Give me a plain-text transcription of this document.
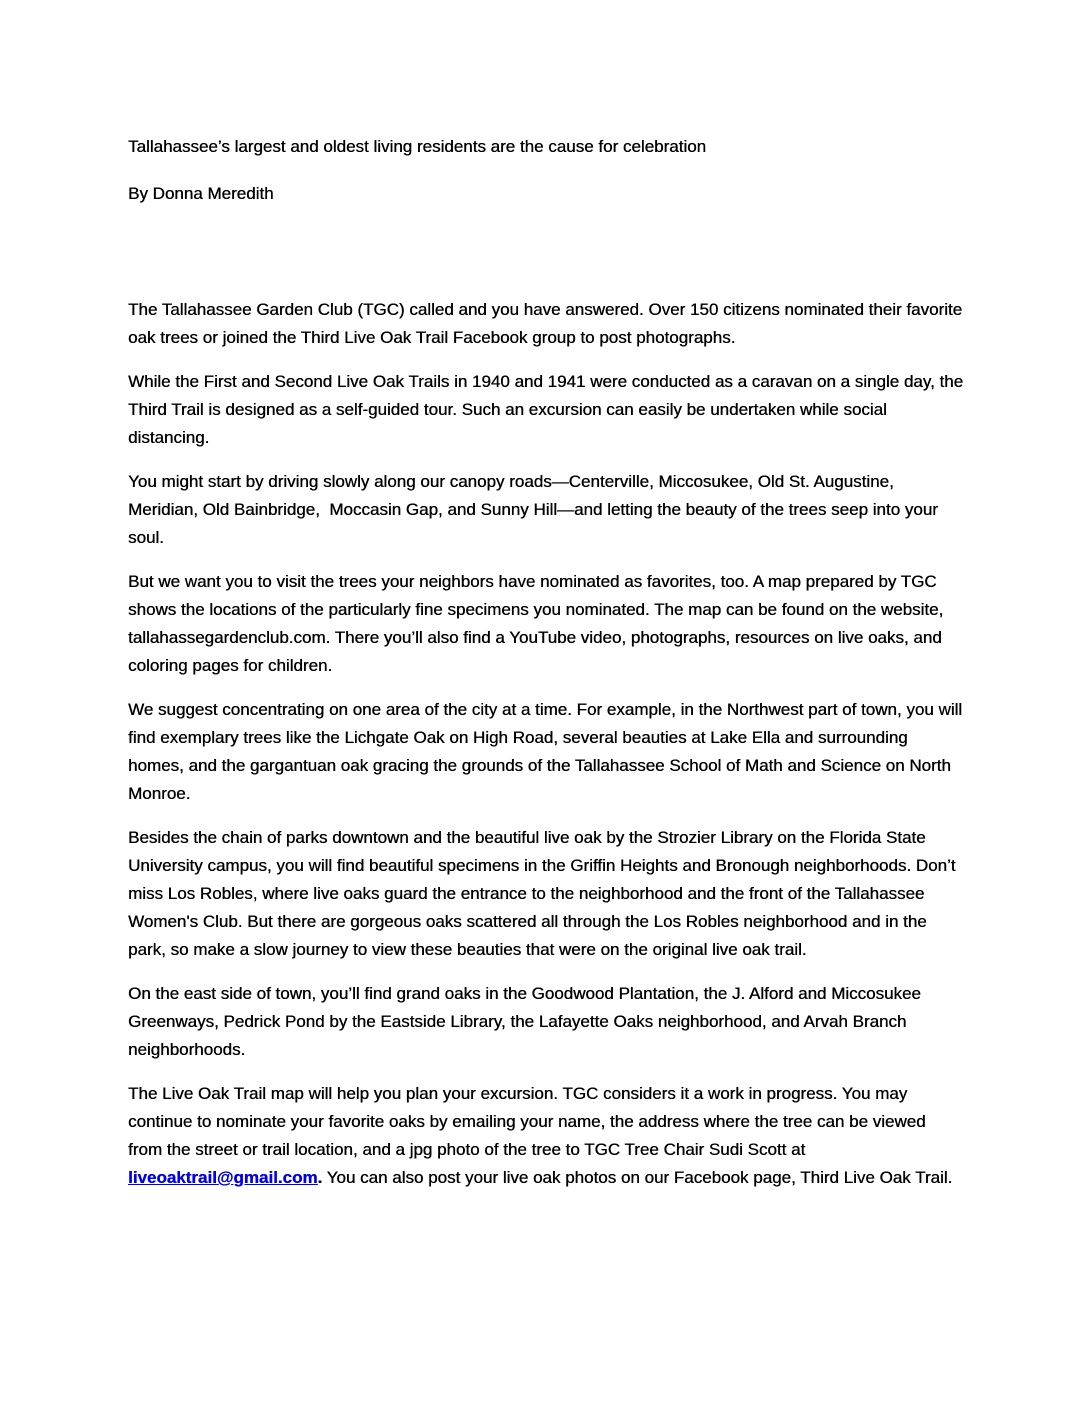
Tallahassee’s largest and oldest living residents are the cause for celebration

By Donna Meredith

The Tallahassee Garden Club (TGC) called and you have answered. Over 150 citizens nominated their favorite oak trees or joined the Third Live Oak Trail Facebook group to post photographs.

While the First and Second Live Oak Trails in 1940 and 1941 were conducted as a caravan on a single day, the Third Trail is designed as a self-guided tour. Such an excursion can easily be undertaken while social distancing.

You might start by driving slowly along our canopy roads—Centerville, Miccosukee, Old St. Augustine, Meridian, Old Bainbridge,  Moccasin Gap, and Sunny Hill—and letting the beauty of the trees seep into your soul.

But we want you to visit the trees your neighbors have nominated as favorites, too. A map prepared by TGC shows the locations of the particularly fine specimens you nominated. The map can be found on the website, tallahassegardenclub.com. There you’ll also find a YouTube video, photographs, resources on live oaks, and coloring pages for children.

We suggest concentrating on one area of the city at a time. For example, in the Northwest part of town, you will find exemplary trees like the Lichgate Oak on High Road, several beauties at Lake Ella and surrounding homes, and the gargantuan oak gracing the grounds of the Tallahassee School of Math and Science on North Monroe.

Besides the chain of parks downtown and the beautiful live oak by the Strozier Library on the Florida State University campus, you will find beautiful specimens in the Griffin Heights and Bronough neighborhoods. Don’t miss Los Robles, where live oaks guard the entrance to the neighborhood and the front of the Tallahassee Women's Club. But there are gorgeous oaks scattered all through the Los Robles neighborhood and in the park, so make a slow journey to view these beauties that were on the original live oak trail.

On the east side of town, you’ll find grand oaks in the Goodwood Plantation, the J. Alford and Miccosukee Greenways, Pedrick Pond by the Eastside Library, the Lafayette Oaks neighborhood, and Arvah Branch neighborhoods.

The Live Oak Trail map will help you plan your excursion. TGC considers it a work in progress. You may continue to nominate your favorite oaks by emailing your name, the address where the tree can be viewed from the street or trail location, and a jpg photo of the tree to TGC Tree Chair Sudi Scott at liveoaktrail@gmail.com. You can also post your live oak photos on our Facebook page, Third Live Oak Trail.
